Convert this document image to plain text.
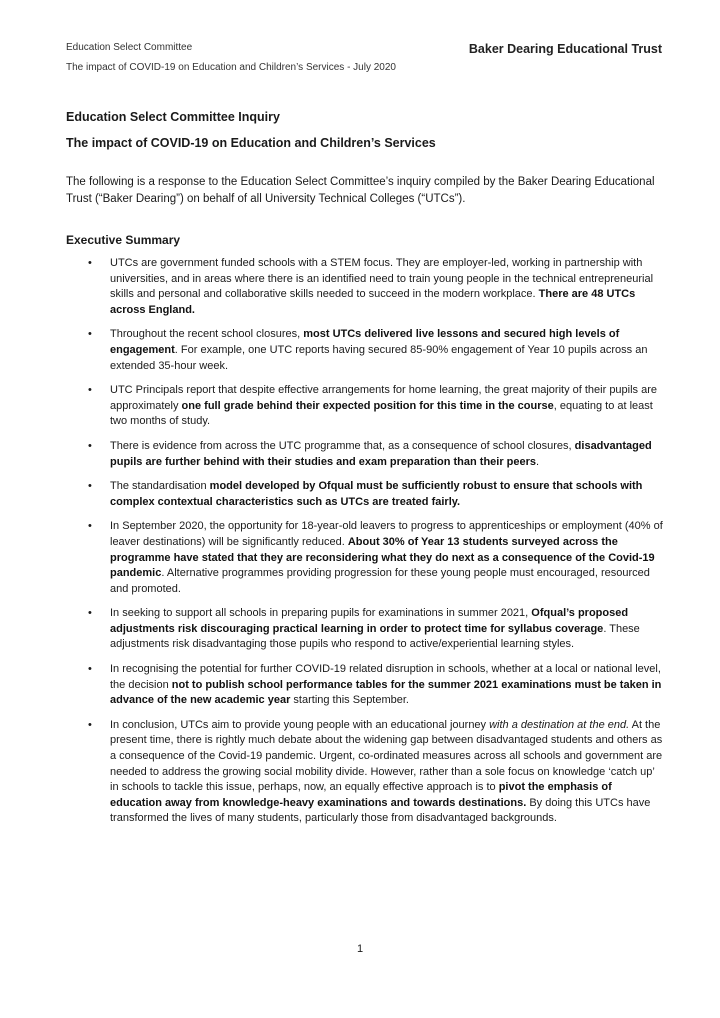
Education Select Committee
The impact of COVID-19 on Education and Children’s Services - July 2020
Baker Dearing Educational Trust
Education Select Committee Inquiry
The impact of COVID-19 on Education and Children’s Services
The following is a response to the Education Select Committee’s inquiry compiled by the Baker Dearing Educational Trust (“Baker Dearing”) on behalf of all University Technical Colleges (“UTCs”).
Executive Summary
• UTCs are government funded schools with a STEM focus. They are employer-led, working in partnership with universities, and in areas where there is an identified need to train young people in the technical entrepreneurial skills and personal and collaborative skills needed to succeed in the modern workplace. There are 48 UTCs across England.
• Throughout the recent school closures, most UTCs delivered live lessons and secured high levels of engagement. For example, one UTC reports having secured 85-90% engagement of Year 10 pupils across an extended 35-hour week.
• UTC Principals report that despite effective arrangements for home learning, the great majority of their pupils are approximately one full grade behind their expected position for this time in the course, equating to at least two months of study.
• There is evidence from across the UTC programme that, as a consequence of school closures, disadvantaged pupils are further behind with their studies and exam preparation than their peers.
• The standardisation model developed by Ofqual must be sufficiently robust to ensure that schools with complex contextual characteristics such as UTCs are treated fairly.
• In September 2020, the opportunity for 18-year-old leavers to progress to apprenticeships or employment (40% of leaver destinations) will be significantly reduced. About 30% of Year 13 students surveyed across the programme have stated that they are reconsidering what they do next as a consequence of the Covid-19 pandemic. Alternative programmes providing progression for these young people must encouraged, resourced and promoted.
• In seeking to support all schools in preparing pupils for examinations in summer 2021, Ofqual’s proposed adjustments risk discouraging practical learning in order to protect time for syllabus coverage. These adjustments risk disadvantaging those pupils who respond to active/experiential learning styles.
• In recognising the potential for further COVID-19 related disruption in schools, whether at a local or national level, the decision not to publish school performance tables for the summer 2021 examinations must be taken in advance of the new academic year starting this September.
• In conclusion, UTCs aim to provide young people with an educational journey with a destination at the end. At the present time, there is rightly much debate about the widening gap between disadvantaged students and others as a consequence of the Covid-19 pandemic. Urgent, co-ordinated measures across all schools and government are needed to address the growing social mobility divide. However, rather than a sole focus on knowledge ‘catch up’ in schools to tackle this issue, perhaps, now, an equally effective approach is to pivot the emphasis of education away from knowledge-heavy examinations and towards destinations. By doing this UTCs have transformed the lives of many students, particularly those from disadvantaged backgrounds.
1
